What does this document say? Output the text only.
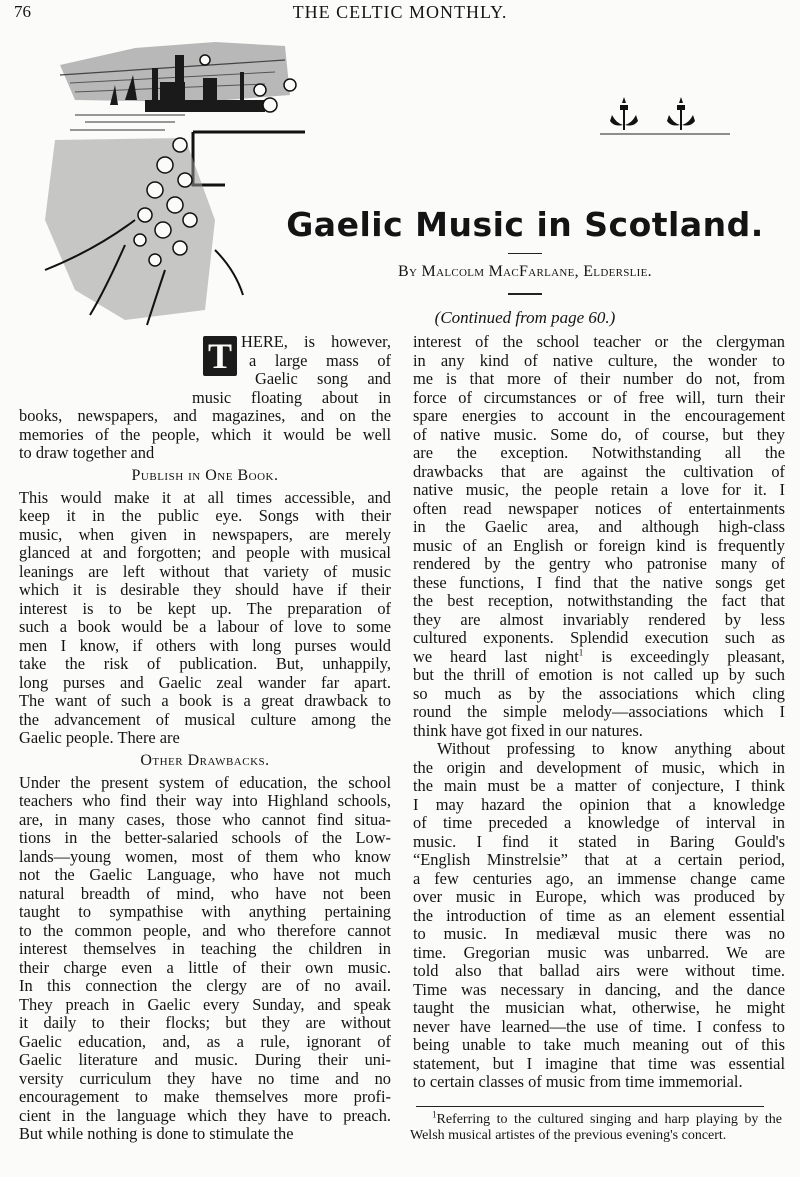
76	THE CELTIC MONTHLY.
Gaelic Music in Scotland.
By Malcolm MacFarlane, Elderslie.
(Continued from page 60.)
T HERE, is however,
a large mass of
Gaelic song and
music floating about in
books, newspapers, and magazines, and on the
memories of the people, which it would be well
to draw together and
Publish in One Book.
This would make it at all times accessible, and
keep it in the public eye. Songs with their
music, when given in newspapers, are merely
glanced at and forgotten; and people with musical
leanings are left without that variety of music
which it is desirable they should have if their
interest is to be kept up. The preparation of
such a book would be a labour of love to some
men I know, if others with long purses would
take the risk of publication. But, unhappily,
long purses and Gaelic zeal wander far apart.
The want of such a book is a great drawback to
the advancement of musical culture among the
Gaelic people. There are
Other Drawbacks.
Under the present system of education, the school
teachers who find their way into Highland schools,
are, in many cases, those who cannot find situa-
tions in the better-salaried schools of the Low-
lands—young women, most of them who know
not the Gaelic Language, who have not much
natural breadth of mind, who have not been
taught to sympathise with anything pertaining
to the common people, and who therefore cannot
interest themselves in teaching the children in
their charge even a little of their own music.
In this connection the clergy are of no avail.
They preach in Gaelic every Sunday, and speak
it daily to their flocks; but they are without
Gaelic education, and, as a rule, ignorant of
Gaelic literature and music. During their uni-
versity curriculum they have no time and no
encouragement to make themselves more profi-
cient in the language which they have to preach.
But while nothing is done to stimulate the
interest of the school teacher or the clergyman
in any kind of native culture, the wonder to
me is that more of their number do not, from
force of circumstances or of free will, turn their
spare energies to account in the encouragement
of native music. Some do, of course, but they
are the exception. Notwithstanding all the
drawbacks that are against the cultivation of
native music, the people retain a love for it. I
often read newspaper notices of entertainments
in the Gaelic area, and although high-class
music of an English or foreign kind is frequently
rendered by the gentry who patronise many of
these functions, I find that the native songs get
the best reception, notwithstanding the fact that
they are almost invariably rendered by less
cultured exponents. Splendid execution such as
we heard last night$^1$ is exceedingly pleasant,
but the thrill of emotion is not called up by such
so much as by the associations which cling
round the simple melody—associations which I
think have got fixed in our natures.
Without professing to know anything about
the origin and development of music, which in
the main must be a matter of conjecture, I think
I may hazard the opinion that a knowledge
of time preceded a knowledge of interval in
music. I find it stated in Baring Gould's
“English Minstrelsie” that at a certain period,
a few centuries ago, an immense change came
over music in Europe, which was produced by
the introduction of time as an element essential
to music. In mediæval music there was no
time. Gregorian music was unbarred. We are
told also that ballad airs were without time.
Time was necessary in dancing, and the dance
taught the musician what, otherwise, he might
never have learned—the use of time. I confess to
being unable to take much meaning out of this
statement, but I imagine that time was essential
to certain classes of music from time immemorial.
$^1$Referring to the cultured singing and harp playing by the Welsh musical artistes of the previous evening's concert.
